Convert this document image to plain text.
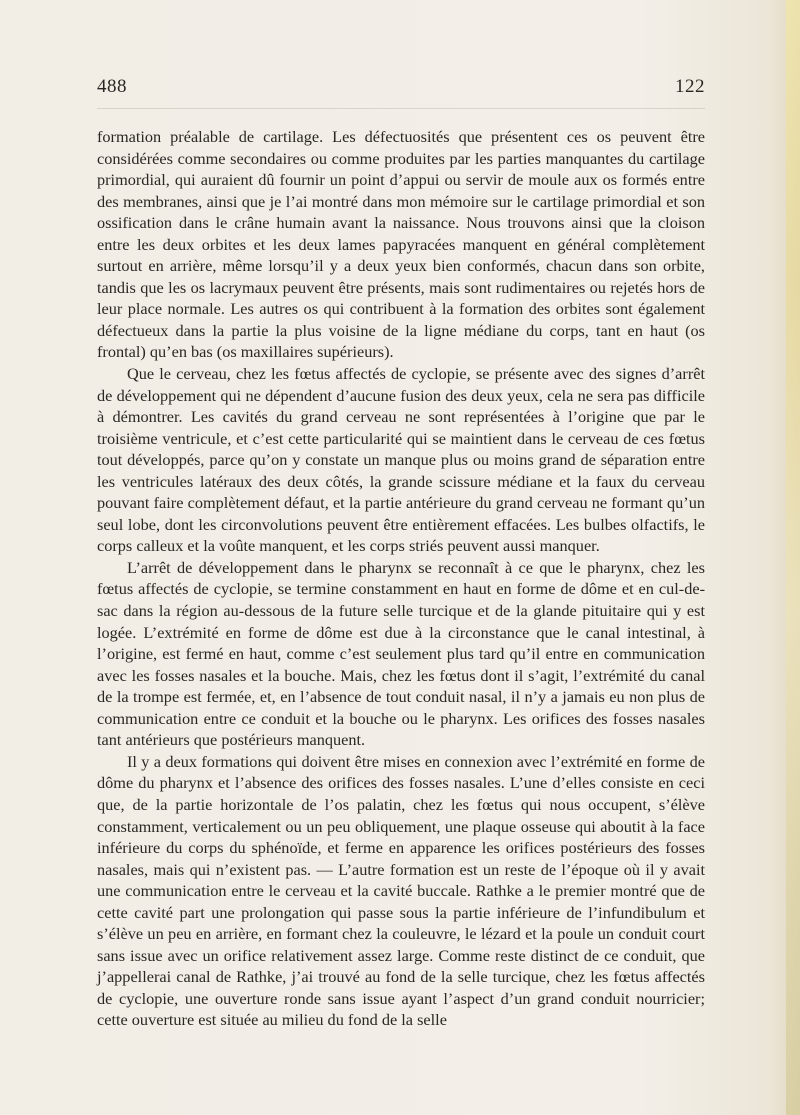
488	122

formation préalable de cartilage. Les défectuosités que présentent ces os peuvent être considérées comme secondaires ou comme produites par les parties manquantes du cartilage primordial, qui auraient dû fournir un point d’appui ou servir de moule aux os formés entre des membranes, ainsi que je l’ai montré dans mon mémoire sur le cartilage primordial et son ossification dans le crâne humain avant la naissance. Nous trouvons ainsi que la cloison entre les deux orbites et les deux lames papyracées manquent en général complètement surtout en arrière, même lorsqu’il y a deux yeux bien conformés, chacun dans son orbite, tandis que les os lacrymaux peuvent être présents, mais sont rudimentaires ou rejetés hors de leur place normale. Les autres os qui contribuent à la formation des orbites sont également défectueux dans la partie la plus voisine de la ligne médiane du corps, tant en haut (os frontal) qu’en bas (os maxillaires supérieurs).

Que le cerveau, chez les fœtus affectés de cyclopie, se présente avec des signes d’arrêt de développement qui ne dépendent d’aucune fusion des deux yeux, cela ne sera pas difficile à démontrer. Les cavités du grand cerveau ne sont représentées à l’origine que par le troisième ventricule, et c’est cette particularité qui se maintient dans le cerveau de ces fœtus tout développés, parce qu’on y constate un manque plus ou moins grand de séparation entre les ventricules latéraux des deux côtés, la grande scissure médiane et la faux du cerveau pouvant faire complètement défaut, et la partie antérieure du grand cerveau ne formant qu’un seul lobe, dont les circonvolutions peuvent être entièrement effacées. Les bulbes olfactifs, le corps calleux et la voûte manquent, et les corps striés peuvent aussi manquer.

L’arrêt de développement dans le pharynx se reconnaît à ce que le pharynx, chez les fœtus affectés de cyclopie, se termine constamment en haut en forme de dôme et en cul-de-sac dans la région au-dessous de la future selle turcique et de la glande pituitaire qui y est logée. L’extrémité en forme de dôme est due à la circonstance que le canal intestinal, à l’origine, est fermé en haut, comme c’est seulement plus tard qu’il entre en communication avec les fosses nasales et la bouche. Mais, chez les fœtus dont il s’agit, l’extrémité du canal de la trompe est fermée, et, en l’absence de tout conduit nasal, il n’y a jamais eu non plus de communication entre ce conduit et la bouche ou le pharynx. Les orifices des fosses nasales tant antérieurs que postérieurs manquent.

Il y a deux formations qui doivent être mises en connexion avec l’extrémité en forme de dôme du pharynx et l’absence des orifices des fosses nasales. L’une d’elles consiste en ceci que, de la partie horizontale de l’os palatin, chez les fœtus qui nous occupent, s’élève constamment, verticalement ou un peu obliquement, une plaque osseuse qui aboutit à la face inférieure du corps du sphénoïde, et ferme en apparence les orifices postérieurs des fosses nasales, mais qui n’existent pas. — L’autre formation est un reste de l’époque où il y avait une communication entre le cerveau et la cavité buccale. Rathke a le premier montré que de cette cavité part une prolongation qui passe sous la partie inférieure de l’infundibulum et s’élève un peu en arrière, en formant chez la couleuvre, le lézard et la poule un conduit court sans issue avec un orifice relativement assez large. Comme reste distinct de ce conduit, que j’appellerai canal de Rathke, j’ai trouvé au fond de la selle turcique, chez les fœtus affectés de cyclopie, une ouverture ronde sans issue ayant l’aspect d’un grand conduit nourricier; cette ouverture est située au milieu du fond de la selle
